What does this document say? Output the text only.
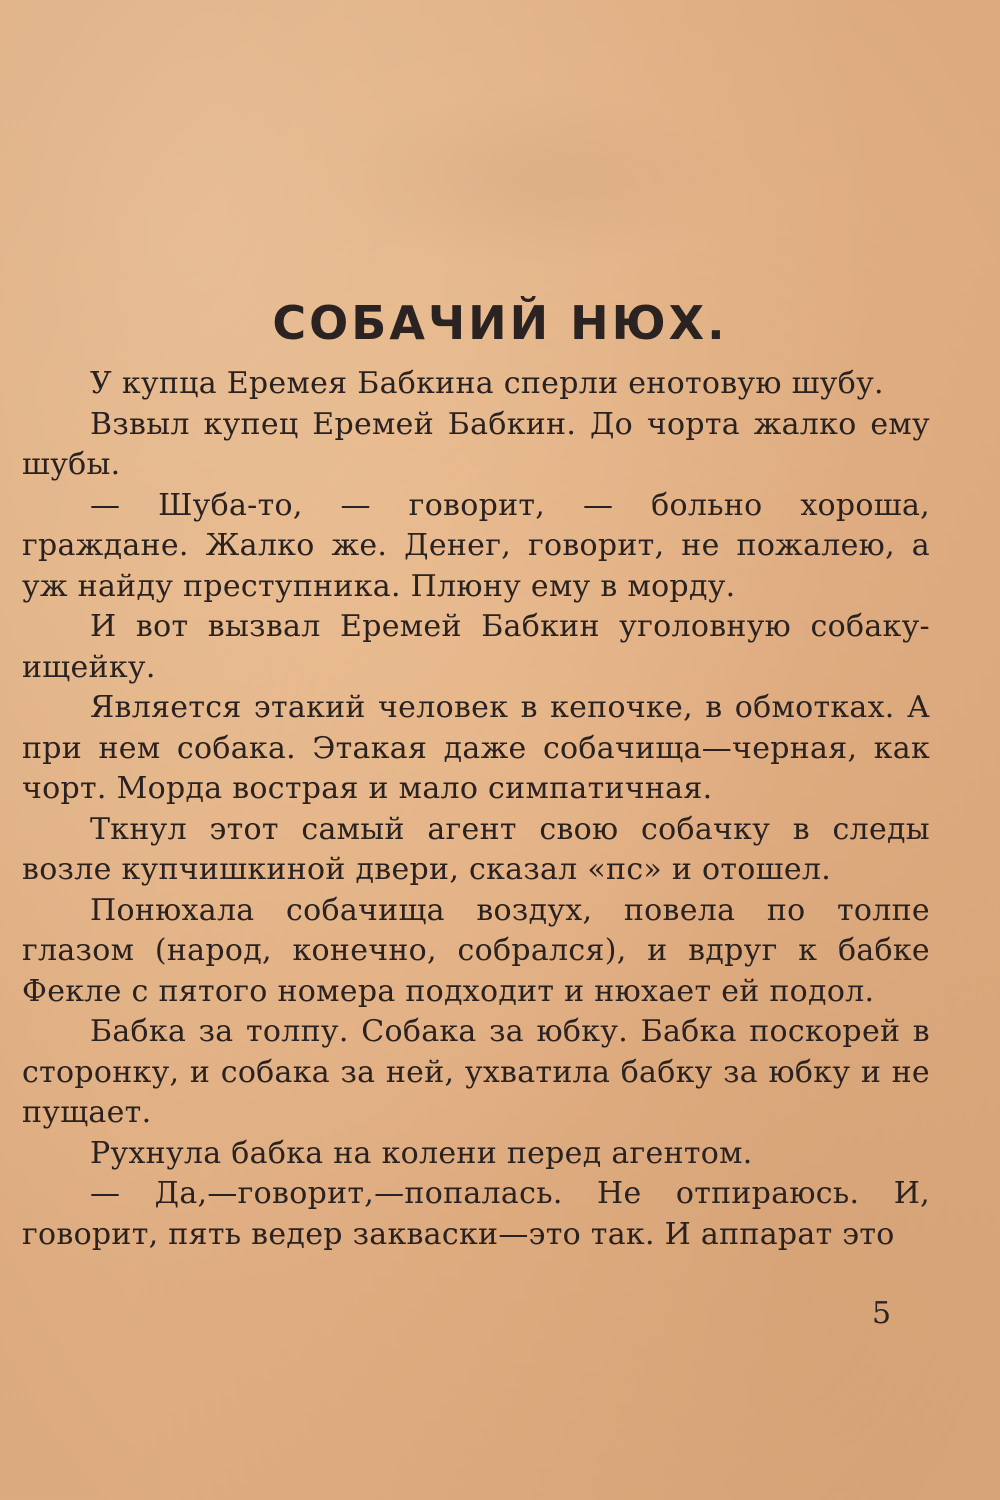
СОБАЧИЙ НЮХ.

У купца Еремея Бабкина сперли енотовую шубу.

Взвыл купец Еремей Бабкин. До чорта жалко ему шубы.

— Шуба-то, — говорит, — больно хороша, граждане. Жалко же. Денег, говорит, не пожалею, а уж найду преступника. Плюну ему в морду.

И вот вызвал Еремей Бабкин уголовную собаку-ищейку.

Является этакий человек в кепочке, в обмотках. А при нем собака. Этакая даже собачища—черная, как чорт. Морда вострая и мало симпатичная.

Ткнул этот самый агент свою собачку в следы возле купчишкиной двери, сказал «пс» и отошел.

Понюхала собачища воздух, повела по толпе глазом (народ, конечно, собрался), и вдруг к бабке Фекле с пятого номера подходит и нюхает ей подол.

Бабка за толпу. Собака за юбку. Бабка поскорей в сторонку, и собака за ней, ухватила бабку за юбку и не пущает.

Рухнула бабка на колени перед агентом.

— Да,—говорит,—попалась. Не отпираюсь. И, говорит, пять ведер закваски—это так. И аппарат это

5
